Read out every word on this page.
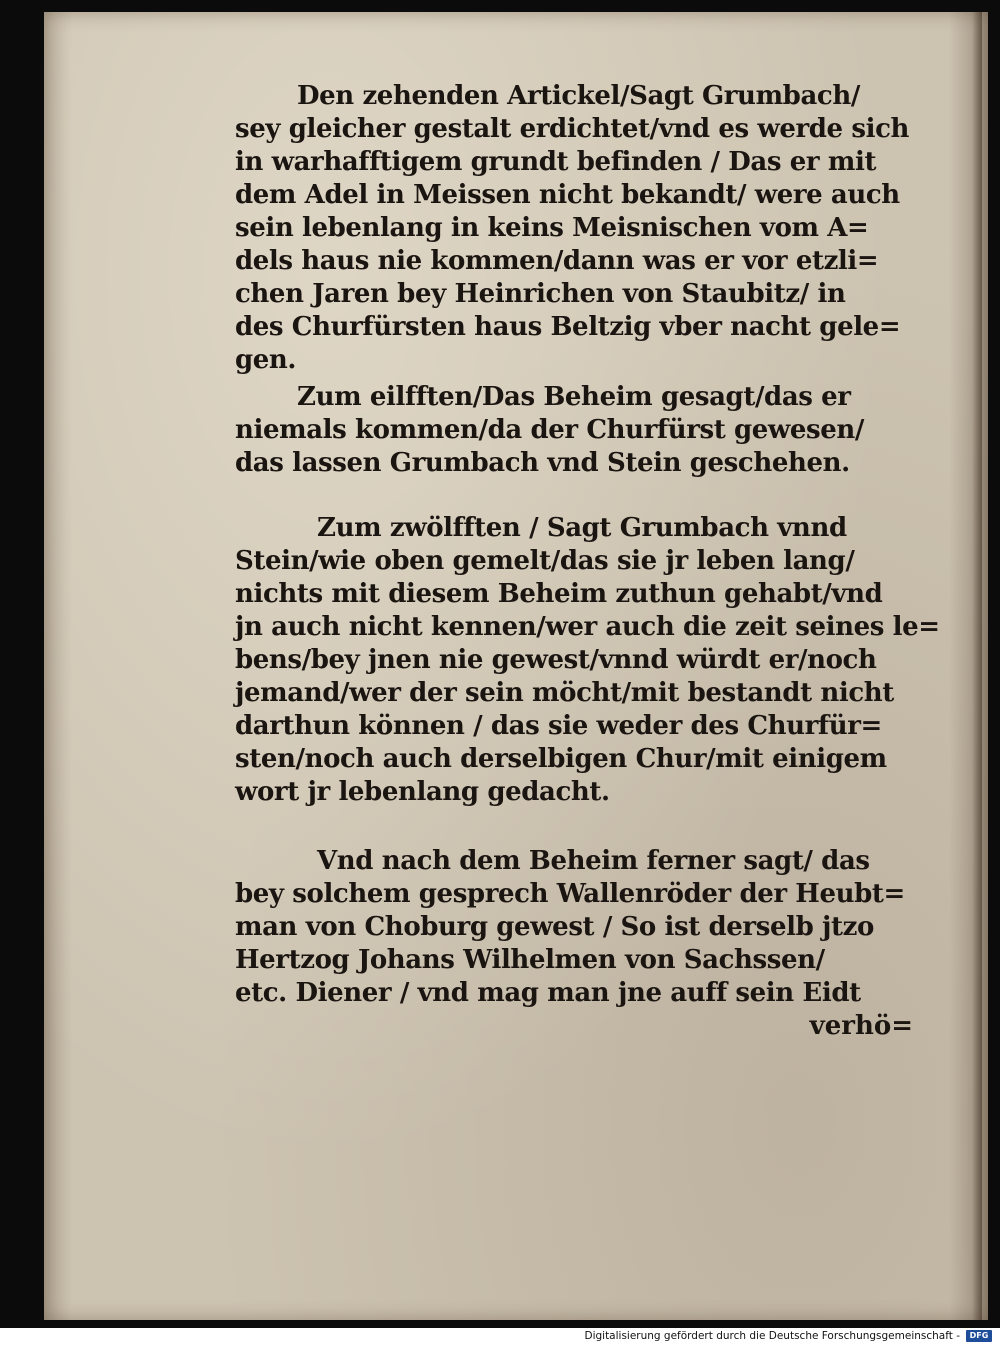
Den zehenden Artickel/Sagt Grumbach/
sey gleicher gestalt erdichtet/vnd es werde sich
in warhafftigem grundt befinden / Das er mit
dem Adel in Meissen nicht bekandt/ were auch
sein lebenlang in keins Meisnischen vom A=
dels haus nie kommen/dann was er vor etzli=
chen Jaren bey Heinrichen von Staubitz/ in
des Churfürsten haus Beltzig vber nacht gele=
gen.
Zum eilfften/Das Beheim gesagt/das er
niemals kommen/da der Churfürst gewesen/
das lassen Grumbach vnd Stein geschehen.
Zum zwölfften / Sagt Grumbach vnnd
Stein/wie oben gemelt/das sie jr leben lang/
nichts mit diesem Beheim zuthun gehabt/vnd
jn auch nicht kennen/wer auch die zeit seines le=
bens/bey jnen nie gewest/vnnd würdt er/noch
jemand/wer der sein möcht/mit bestandt nicht
darthun können / das sie weder des Churfür=
sten/noch auch derselbigen Chur/mit einigem
wort jr lebenlang gedacht.
Vnd nach dem Beheim ferner sagt/ das
bey solchem gesprech Wallenröder der Heubt=
man von Choburg gewest / So ist derselb jtzo
Hertzog Johans Wilhelmen von Sachssen/
etc. Diener / vnd mag man jne auff sein Eidt
verhö=
Digitalisierung gefördert durch die Deutsche Forschungsgemeinschaft -	DFG
